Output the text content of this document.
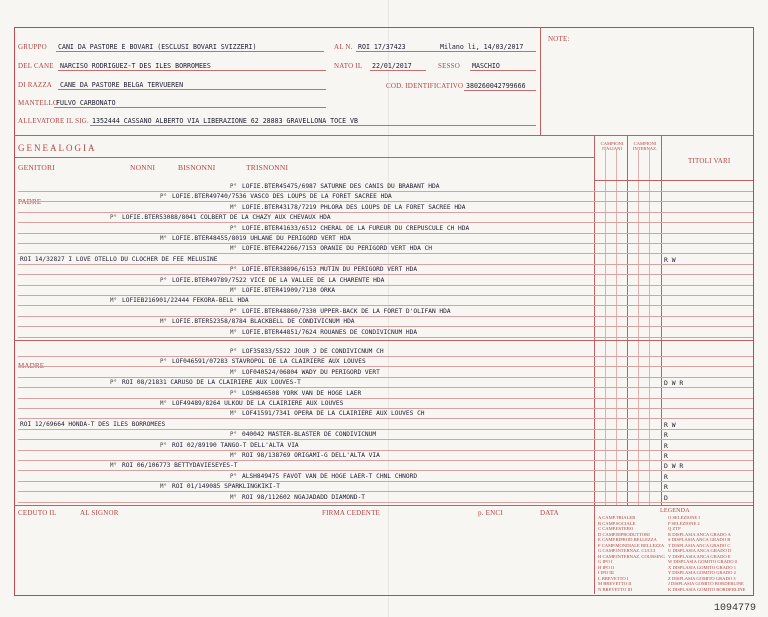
GRUPPO CANI DA PASTORE E BOVARI (ESCLUSI BOVARI SVIZZERI)	AL N. ROI 17/37423	Milano li, 14/03/2017
DEL CANE NARCISO RODRIGUEZ-T DES ILES BORROMEES	NATO IL 22/01/2017	SESSO MASCHIO
DI RAZZA CANE DA PASTORE BELGA TERVUEREN	COD. IDENTIFICATIVO 380260042799666
MANTELLO
FULVO CARBONATO
ALLEVATORE IL SIG. 1352444 CASSANO ALBERTO VIA LIBERAZIONE 62 28883 GRAVELLONA TOCE VB
NOTE:
GENEALOGIA
GENITORI	NONNI	BISNONNI	TRISNONNI
CAMPIONI ITALIANI
CAMPIONI INTERNAZ.
TITOLI VARI
P° LOFIE.BTER45475/6987 SATURNE DES CANIS DU BRABANT HDA
P° LOFIE.BTER49740/7536 VASCO DES LOUPS DE LA FORET SACREE HDA
M° LOFIE.BTER43178/7219 PHLORA DES LOUPS DE LA FORET SACREE HDA
P° LOFIE.BTER53088/8041 COLBERT DE LA CHAZY AUX CHEVAUX HDA
P° LOFIE.BTER41633/6512 CHERAL DE LA FUREUR DU CREPUSCULE CH HDA
M° LOFIE.BTER48455/8019 UHLANE DU PERIGORD VERT HDA
M° LOFIE.BTER42266/7153 ORANIE DU PERIGORD VERT HDA CH
ROI 14/32827 I LOVE OTELLO DU CLOCHER DE FEE MELUSINE	R W
P° LOFIE.BTER38896/6153 MUTIN DU PERIGORD VERT HDA
P° LOFIE.BTER49789/7522 VICE DE LA VALLEE DE LA CHARENTE HDA
M° LOFIE.BTER41909/7130 ORKA
M° LOFIEB216901/22444 FEKORA-BELL HDA
P° LOFIE.BTER48860/7330 UPPER-BACK DE LA FORET D'OLIFAN HDA
M° LOFIE.BTER52358/8784 BLACKBELL DE CONDIVICNUM HDA
M° LOFIE.BTER44851/7624 ROUANES DE CONDIVICNUM HDA
P° LOF35833/5522 JOUR J DE CONDIVICNUM CH
P° LOF046591/07283 STAVROPOL DE LA CLAIRIERE AUX LOUVES
M° LOF040524/06804 WADY DU PERIGORD VERT
P° ROI 08/21831 CARUSO DE LA CLAIRIERE AUX LOUVES-T	D W R
P° LOSH846508 YORK VAN DE HOGE LAER
M° LOF49489/8264 ULKOU DE LA CLAIRIERE AUX LOUVES
M° LOF41591/7341 OPERA DE LA CLAIRIERE AUX LOUVES CH
ROI 12/69664 HONDA-T DES ILES BORROMEES	R W
P° 040042 MASTER-BLASTER DE CONDIVICNUM	R
P° ROI 02/89190 TANGO-T DELL'ALTA VIA	R
M° ROI 98/138769 ORIGAMI-G DELL'ALTA VIA	R
M° ROI 06/106773 BETTYDAVIESEYES-T	D W R
P° ALSH849475 FAVOT VAN DE HOGE LAER-T CHNL CHNORD	R
M° ROI 01/149085 SPARKLINGKIKI-T	R
M° ROI 98/112602 NGAJADADD DIAMOND-T	D
CEDUTO IL	AL SIGNOR	FIRMA CEDENTE	p. ENCI	DATA	LEGENDA
A CAMP.TRIALER
B CAMP.SOCIALE
C CAMP.ESTERO
D CAMP.RIPRODUTTORI
E CAMP.RIPROD.BELLEZZA
F CAMP.MONDIALE BELLEZZA
G CAMP.INTERNAZ. CUCCI
H CAMP.INTERNAZ. COURSING
G IPO I
H IPO II
I IPO III
L BREVETTO I
M BREVETTO II
N BREVETTO III
O SELEZIONE I
P SELEZIONE 2
Q ZTP
R DISPLASIA ANCA GRADO A
S DISPLASIA ANCA GRADO B
T DISPLASIA ANCA GRADO C
U DISPLASIA ANCA GRADO D
V DISPLASIA ANCA GRADO E
W DISPLASIA GOMITO GRADO 0
X DISPLASIA GOMITO GRADO 1
Y DISPLASIA GOMITO GRADO 2
Z DISPLASIA GOMITO GRADO 3
J DISPLASIA GOMITO BORDERLINE
K DISPLASIA GOMITO BORDERLINE
1094779
